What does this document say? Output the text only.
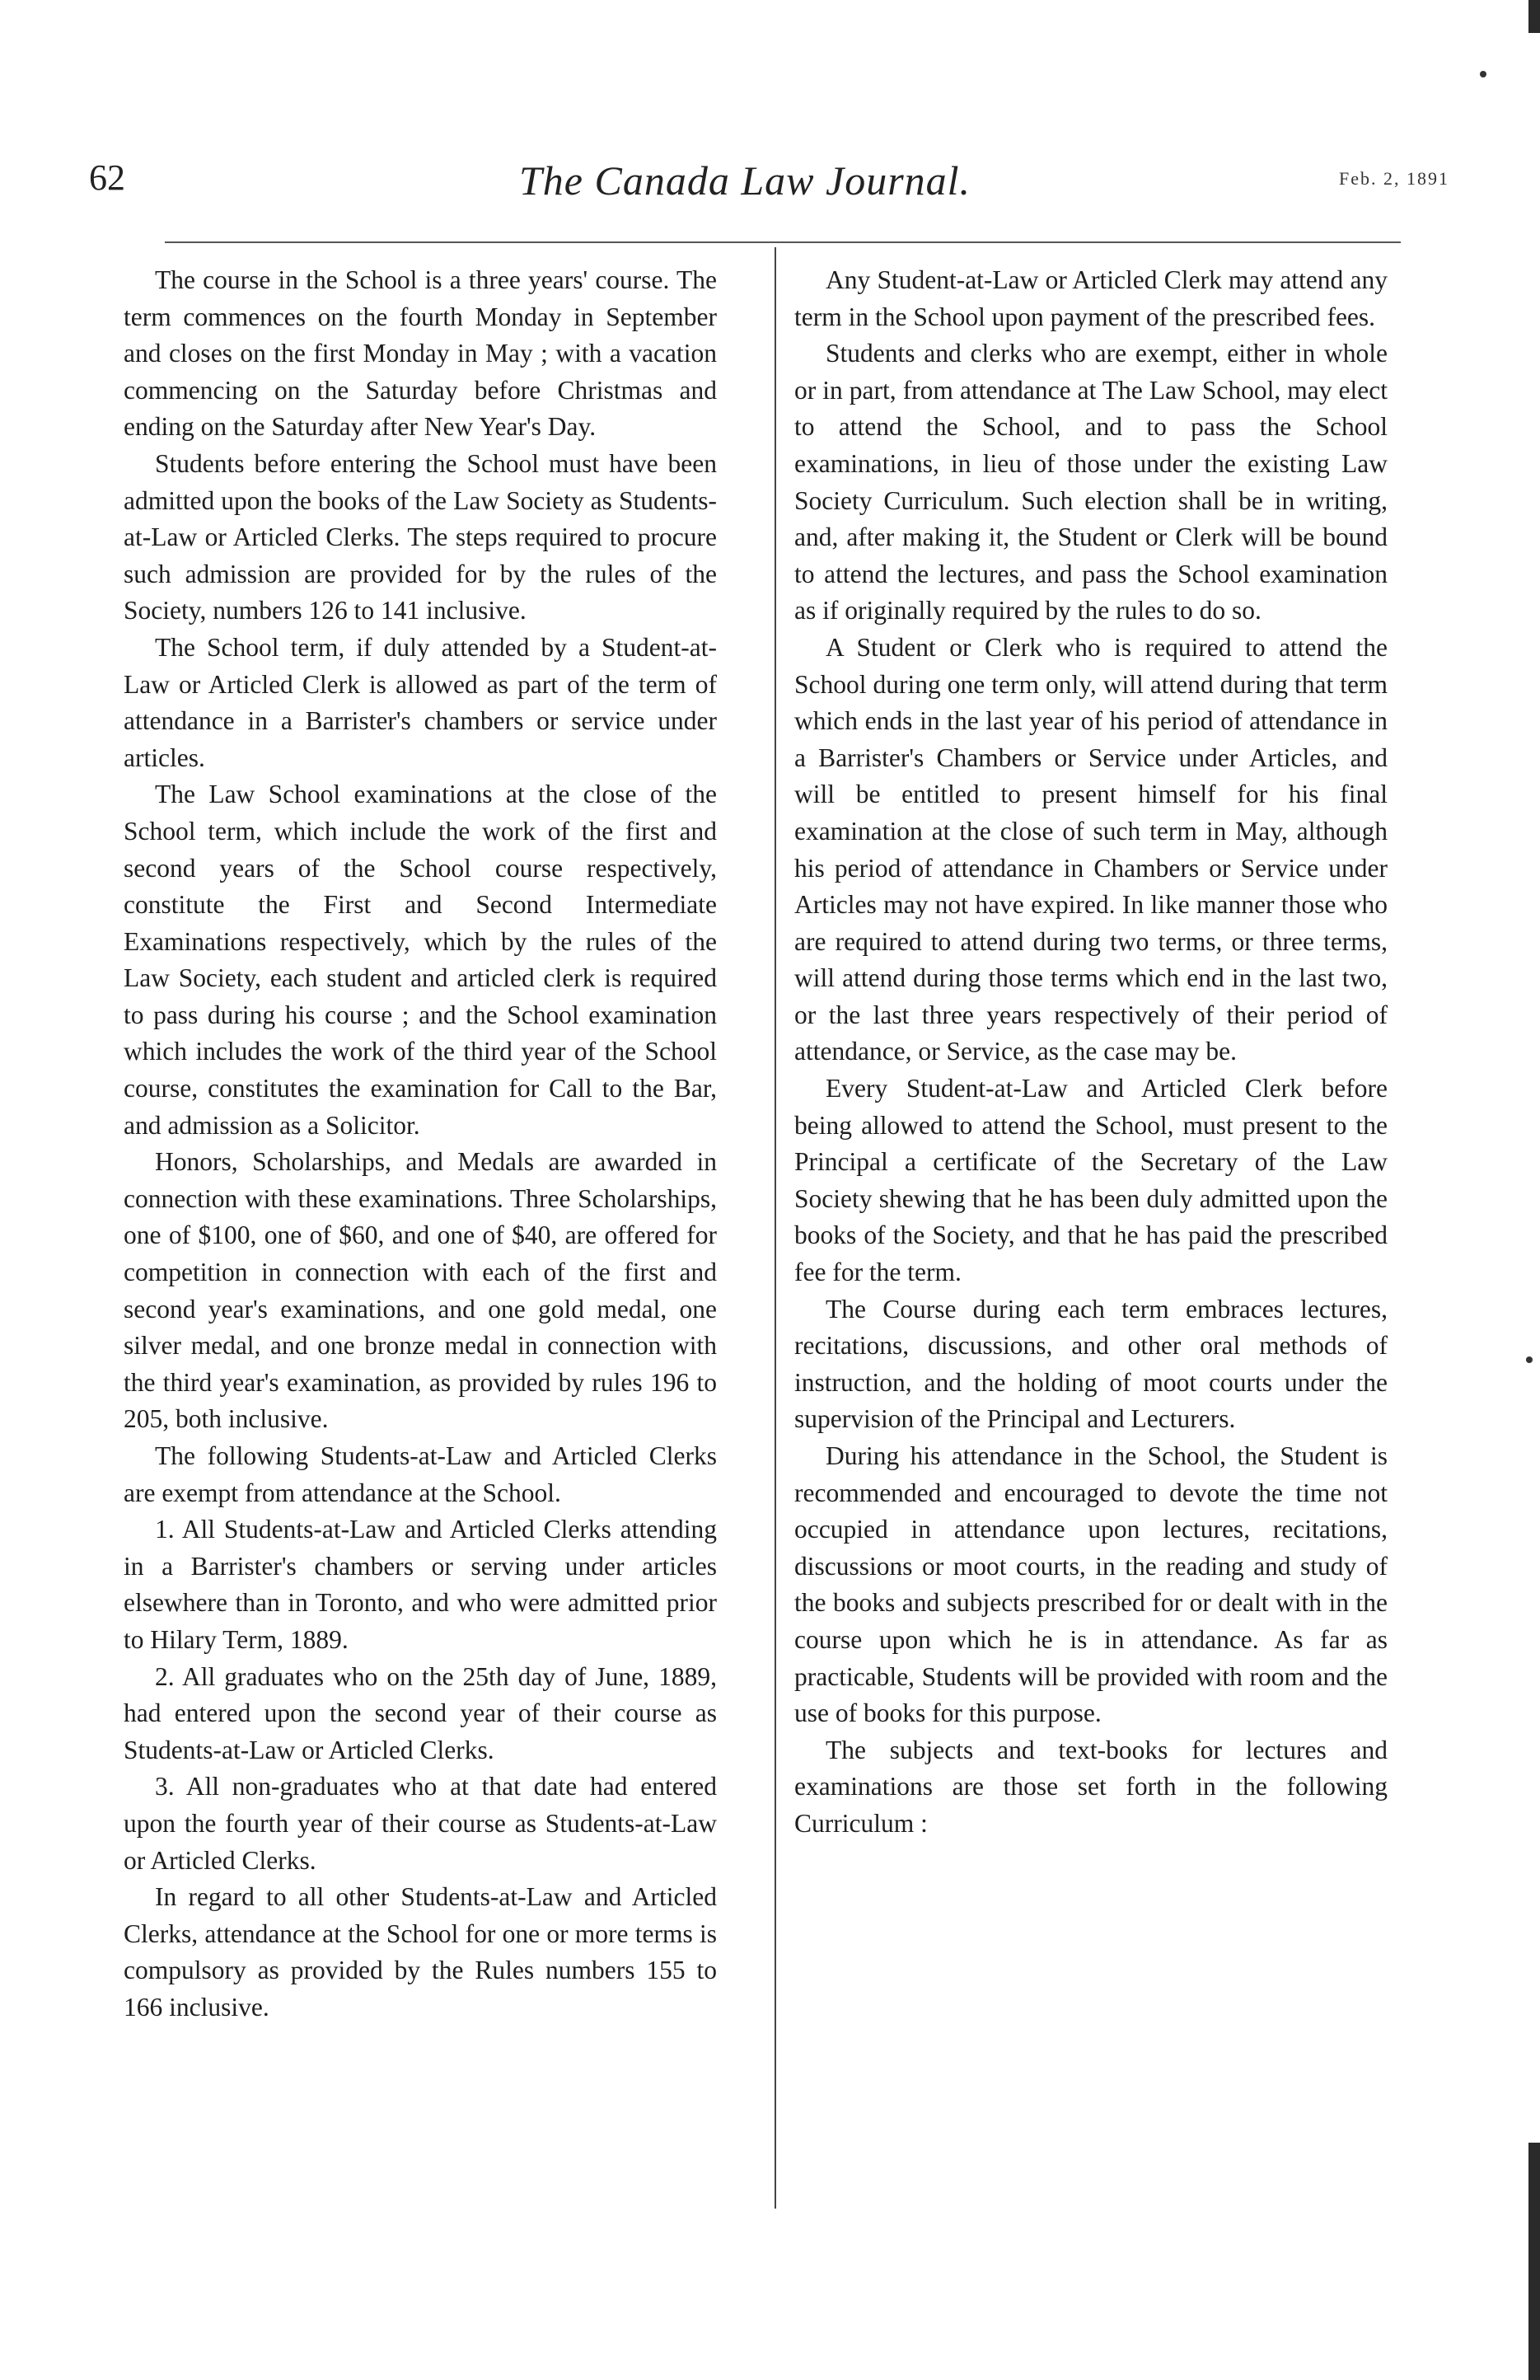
62	The Canada Law Journal.	Feb. 2, 1891

The course in the School is a three years' course. The term commences on the fourth Monday in September and closes on the first Monday in May ; with a vacation commencing on the Saturday before Christmas and ending on the Saturday after New Year's Day.

Students before entering the School must have been admitted upon the books of the Law Society as Students-at-Law or Articled Clerks. The steps required to procure such admission are provided for by the rules of the Society, numbers 126 to 141 inclusive.

The School term, if duly attended by a Student-at-Law or Articled Clerk is allowed as part of the term of attendance in a Barrister's chambers or service under articles.

The Law School examinations at the close of the School term, which include the work of the first and second years of the School course respectively, constitute the First and Second Intermediate Examinations respectively, which by the rules of the Law Society, each student and articled clerk is required to pass during his course ; and the School examination which includes the work of the third year of the School course, constitutes the examination for Call to the Bar, and admission as a Solicitor.

Honors, Scholarships, and Medals are awarded in connection with these examinations. Three Scholarships, one of $100, one of $60, and one of $40, are offered for competition in connection with each of the first and second year's examinations, and one gold medal, one silver medal, and one bronze medal in connection with the third year's examination, as provided by rules 196 to 205, both inclusive.

The following Students-at-Law and Articled Clerks are exempt from attendance at the School.

1. All Students-at-Law and Articled Clerks attending in a Barrister's chambers or serving under articles elsewhere than in Toronto, and who were admitted prior to Hilary Term, 1889.

2. All graduates who on the 25th day of June, 1889, had entered upon the second year of their course as Students-at-Law or Articled Clerks.

3. All non-graduates who at that date had entered upon the fourth year of their course as Students-at-Law or Articled Clerks.

In regard to all other Students-at-Law and Articled Clerks, attendance at the School for one or more terms is compulsory as provided by the Rules numbers 155 to 166 inclusive.

Any Student-at-Law or Articled Clerk may attend any term in the School upon payment of the prescribed fees.

Students and clerks who are exempt, either in whole or in part, from attendance at The Law School, may elect to attend the School, and to pass the School examinations, in lieu of those under the existing Law Society Curriculum. Such election shall be in writing, and, after making it, the Student or Clerk will be bound to attend the lectures, and pass the School examination as if originally required by the rules to do so.

A Student or Clerk who is required to attend the School during one term only, will attend during that term which ends in the last year of his period of attendance in a Barrister's Chambers or Service under Articles, and will be entitled to present himself for his final examination at the close of such term in May, although his period of attendance in Chambers or Service under Articles may not have expired. In like manner those who are required to attend during two terms, or three terms, will attend during those terms which end in the last two, or the last three years respectively of their period of attendance, or Service, as the case may be.

Every Student-at-Law and Articled Clerk before being allowed to attend the School, must present to the Principal a certificate of the Secretary of the Law Society shewing that he has been duly admitted upon the books of the Society, and that he has paid the prescribed fee for the term.

The Course during each term embraces lectures, recitations, discussions, and other oral methods of instruction, and the holding of moot courts under the supervision of the Principal and Lecturers.

During his attendance in the School, the Student is recommended and encouraged to devote the time not occupied in attendance upon lectures, recitations, discussions or moot courts, in the reading and study of the books and subjects prescribed for or dealt with in the course upon which he is in attendance. As far as practicable, Students will be provided with room and the use of books for this purpose.

The subjects and text-books for lectures and examinations are those set forth in the following Curriculum :
